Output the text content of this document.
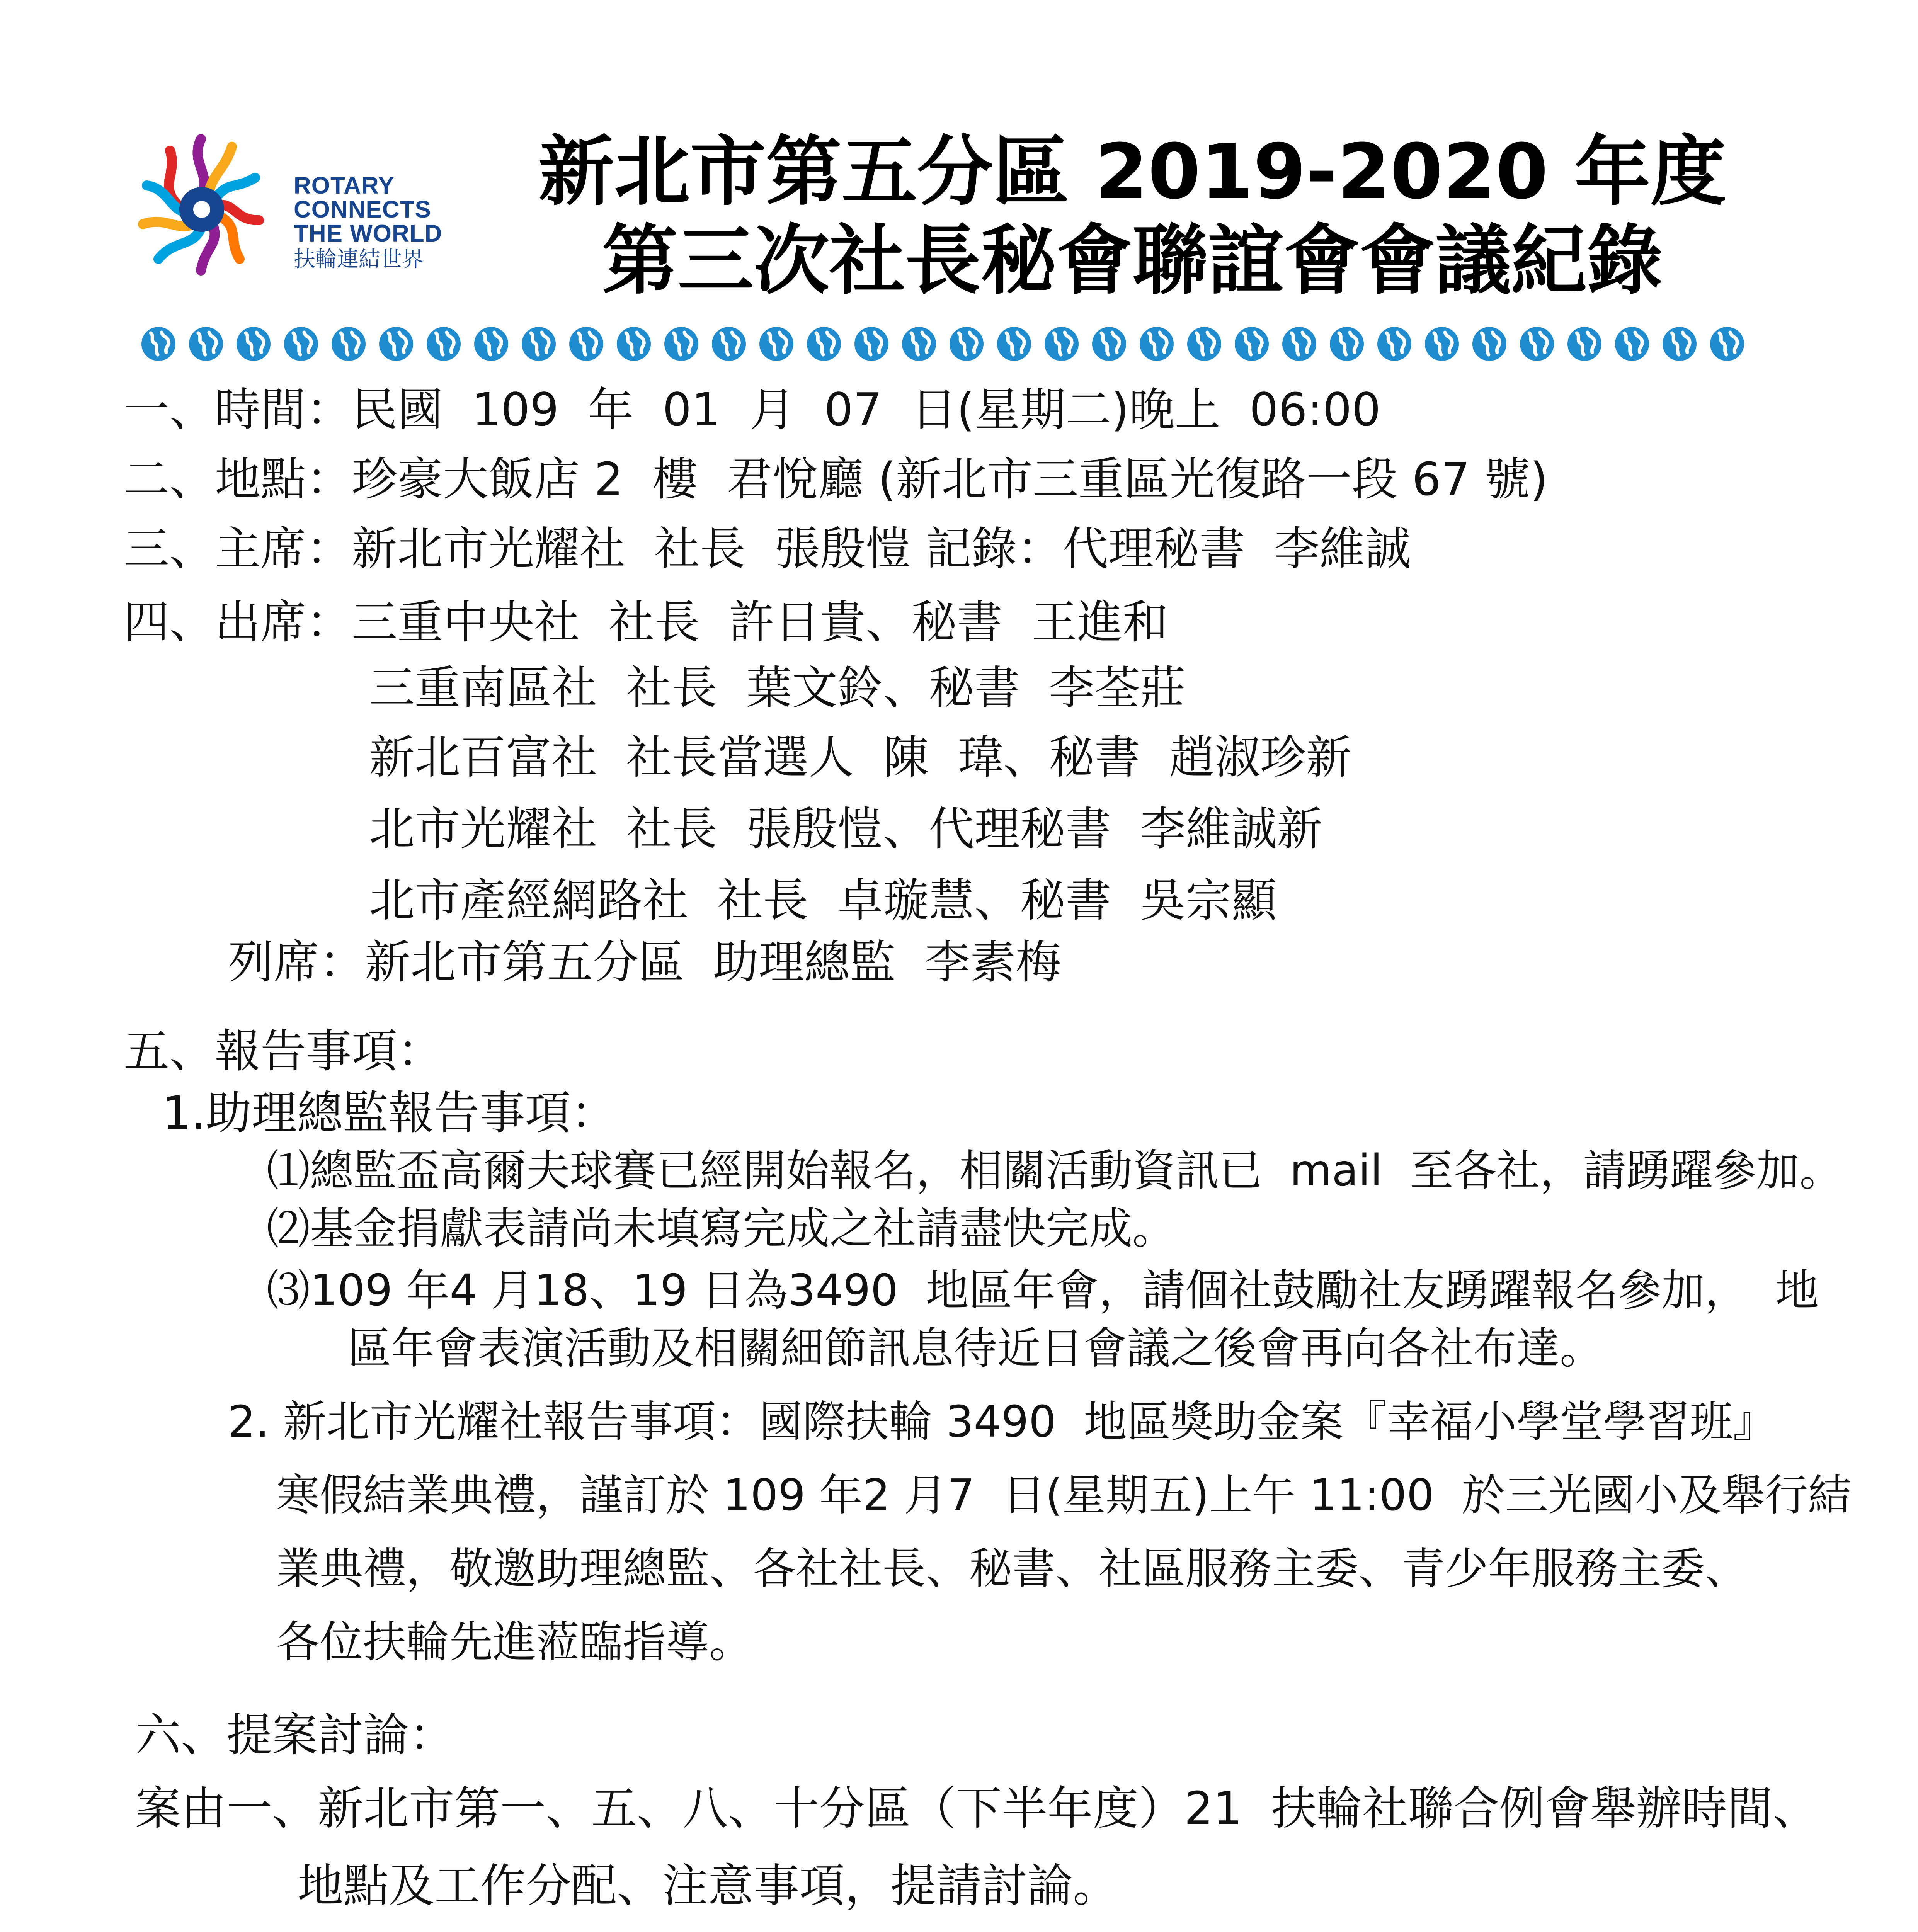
ROTARY
CONNECTS
THE WORLD
扶輪連結世界
新北市第五分區 2019-2020 年度
第三次社長秘會聯誼會會議紀錄
一、時間：民國  109  年  01  月  07  日(星期二)晚上  06:00
二、地點：珍豪大飯店 2  樓  君悅廳 (新北市三重區光復路一段 67 號)
三、主席：新北市光耀社  社長  張殷愷 記錄：代理秘書  李維誠
四、出席：三重中央社  社長  許日貴、秘書  王進和
三重南區社  社長  葉文鈴、秘書  李荃莊
新北百富社  社長當選人  陳  瑋、秘書  趙淑珍新
北市光耀社  社長  張殷愷、代理秘書  李維誠新
北市產經網路社  社長  卓璇慧、秘書  吳宗顯
列席：新北市第五分區  助理總監  李素梅
五、報告事項：
1.助理總監報告事項：
⑴總監盃高爾夫球賽已經開始報名，相關活動資訊已  mail  至各社，請踴躍參加。
⑵基金捐獻表請尚未填寫完成之社請盡快完成。
⑶109 年4 月18、19 日為3490  地區年會，請個社鼓勵社友踴躍報名參加，  地
區年會表演活動及相關細節訊息待近日會議之後會再向各社布達。
2. 新北市光耀社報告事項：國際扶輪 3490  地區獎助金案『幸福小學堂學習班』
寒假結業典禮，謹訂於 109 年2 月7  日(星期五)上午 11:00  於三光國小及舉行結
業典禮，敬邀助理總監、各社社長、秘書、社區服務主委、青少年服務主委、
各位扶輪先進蒞臨指導。
六、提案討論：
案由一、新北市第一、五、八、十分區（下半年度）21  扶輪社聯合例會舉辦時間、
地點及工作分配、注意事項，提請討論。
